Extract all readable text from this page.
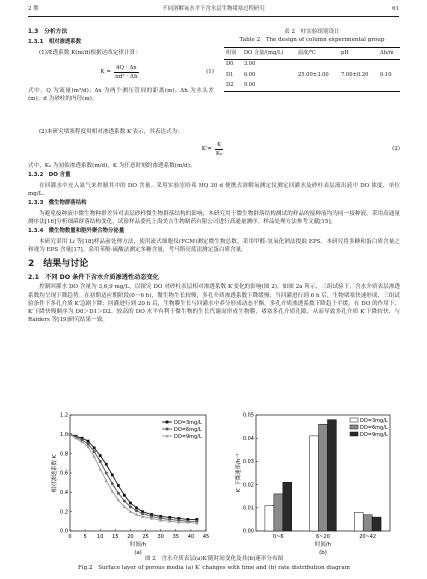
2 期	不同溶解氧水平下含水层生物堵塞过程研究	61

1.3　分析方法

1.3.1　相对渗透系数

(1)渗透系数 K(m/d)根据达西定律计算：

$K = \frac{4Q \cdot \Delta x}{\text{πd² · Δh}}$	(1)

式中，Q 为流量(m³/d)；Δx 为两个测压管间的距离(m)；Δh 为水头差(m)；d 为砂柱的内径(m)。

表 2　柱实验组别设计

Table 2　The design of column experimental group

组别	DO 含量/(mg/L)	温度/℃	pH	Δh/m
D0	3.00			
D1	6.00	25.00±3.00	7.00±0.20	0.10
D2	9.00			

(2)本研究堵塞程度用相对渗透系数 K′表示，其表达式为：

$K'= \frac{K}{\text{K₀}}$	(2)

式中，K₀ 为初始渗透系数(m/d)，K 为任意时刻的渗透系数(m/d)。

1.3.2　DO 含量

在回灌水中充入氮气来控制其中的 DO 含量。采用实验室哈希 HQ 30 d 便携式溶解氧测定仪测定回灌水及砂柱表层流出液中 DO 浓度，单位 mg/L。

1.3.3　微生物群落结构

为避免接种液中微生物种群差异对表层砂样微生物群落结构的影响，本研究用于微生物群落结构测试的样品的接种液均为同一接种液。采用高通量测序法[16]分析细菌群落结构变化，试验样品委托上海美吉生物制药有限公司进行高通量测序。样品处理方法参考文献[15]。

1.3.4　微生物数量和胞外聚合物分泌量

本研究采用 Li 等[18]样品前处理方法，使用流式细胞仪(FCM)测定微生物总数。采用甲醛-氢氧化钠法提取 EPS。本研究将多糖和蛋白质含量之和视为 EPS 含量[17]。采用苯酚-硫酸法测定多糖含量，考马斯亮蓝法测定蛋白质含量。

2　结果与讨论

2.1　不同 DO 条件下含水介质渗透性动态变化

控制回灌水 DO 含量为 3,6,9 mg/L，以探究 DO 对砂柱表层相对渗透系数 K′变化的影响(图 2)。如图 2a 所示，三组试验下，含水介质表层渗透系数均呈现下降趋势。在初期适应期阶段(0～6 h)，微生物生长较慢，多孔介质渗透系数下降缓慢；当回灌进行到 6 h 后，生物堵塞快速形成，三组试验条件下多孔介质 K′急剧下降；回灌进行到 20 h 后，生物膜生长与回灌水中养分形成动态平衡，多孔介质渗透系数下降趋于平缓。在 DO 的作用下，K′下降快慢顺序为 D0＞D1＞D2，较高的 DO 水平有利于微生物的生长代谢而形成生物膜，堵塞多孔介质孔隙，从而导致多孔介质 K′下降较快，与 Raiders 等[19]研究结果一致。

0 5 10 15 20 25 30 35 40 45
0.0
0.2
0.4
0.6
0.8
1.0
1.2
时间/h
相对渗透系数 K′
(a)
DO=3mg/L
DO=6mg/L
DO=9mg/L
0.00
0.01
0.02
0.03
0.04
0.05
0~6	6~20	20~42
DO=3mg/L
DO=6mg/L
DO=9mg/L
时间/h
K′ 下降速率/h⁻¹
(b)

图 2　含水介质表层(a)K′随时间变化及其(b)速率分布图

Fig.2　Surface layer of porous media (a) K′ changes with time and (b) rate distribution diagram
